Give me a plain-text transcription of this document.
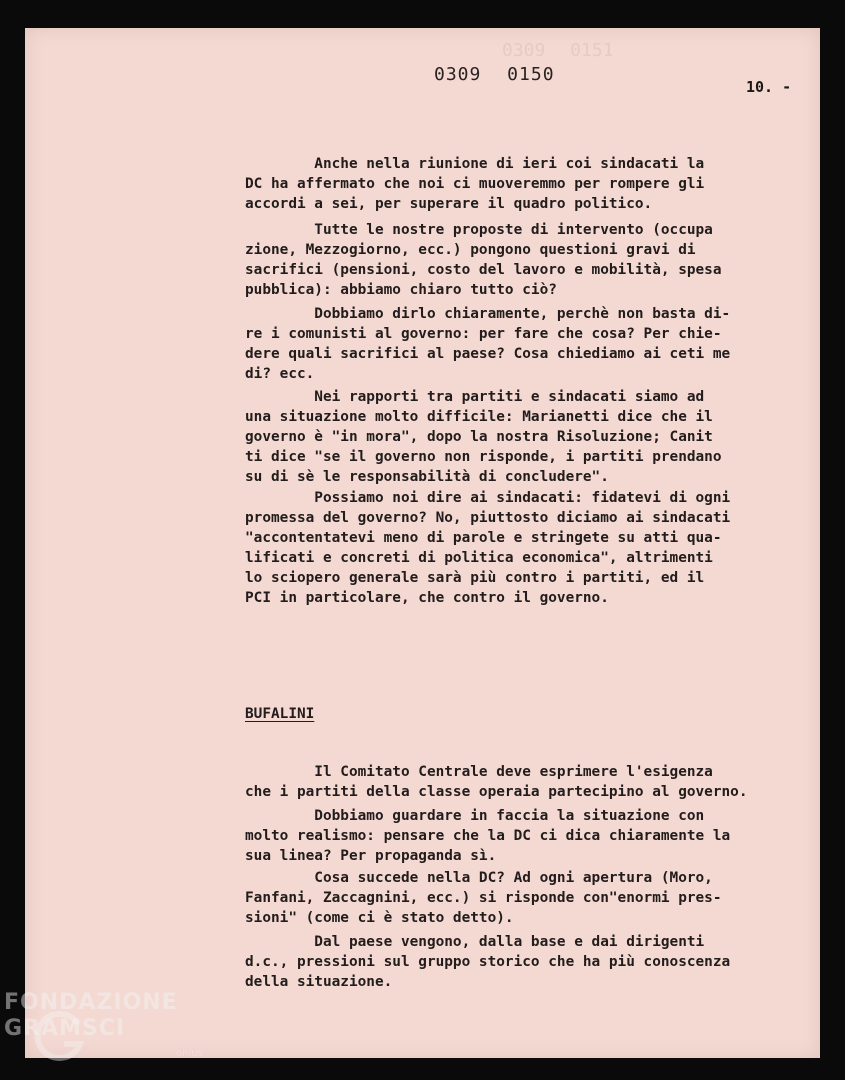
0309 0151
0309 0150
10. -

Anche nella riunione di ieri coi sindacati la
DC ha affermato che noi ci muoveremmo per rompere gli
accordi a sei, per superare il quadro politico.

Tutte le nostre proposte di intervento (occupa
zione, Mezzogiorno, ecc.) pongono questioni gravi di
sacrifici (pensioni, costo del lavoro e mobilità, spesa
pubblica): abbiamo chiaro tutto ciò?

Dobbiamo dirlo chiaramente, perchè non basta di-
re i comunisti al governo: per fare che cosa? Per chie-
dere quali sacrifici al paese? Cosa chiediamo ai ceti me
di? ecc.

Nei rapporti tra partiti e sindacati siamo ad
una situazione molto difficile: Marianetti dice che il
governo è "in mora", dopo la nostra Risoluzione; Canit
ti dice "se il governo non risponde, i partiti prendano
su di sè le responsabilità di concludere".

Possiamo noi dire ai sindacati: fidatevi di ogni
promessa del governo? No, piuttosto diciamo ai sindacati
"accontentatevi meno di parole e stringete su atti qua-
lificati e concreti di politica economica", altrimenti
lo sciopero generale sarà più contro i partiti, ed il
PCI in particolare, che contro il governo.

BUFALINI

Il Comitato Centrale deve esprimere l'esigenza
che i partiti della classe operaia partecipino al governo.

Dobbiamo guardare in faccia la situazione con
molto realismo: pensare che la DC ci dica chiaramente la
sua linea? Per propaganda sì.

Cosa succede nella DC? Ad ogni apertura (Moro,
Fanfani, Zaccagnini, ecc.) si risponde con"enormi pres-
sioni" (come ci è stato detto).

Dal paese vengono, dalla base e dai dirigenti
d.c., pressioni sul gruppo storico che ha più conoscenza
della situazione.

FONDAZIONE
GRAMSCI
onlus
